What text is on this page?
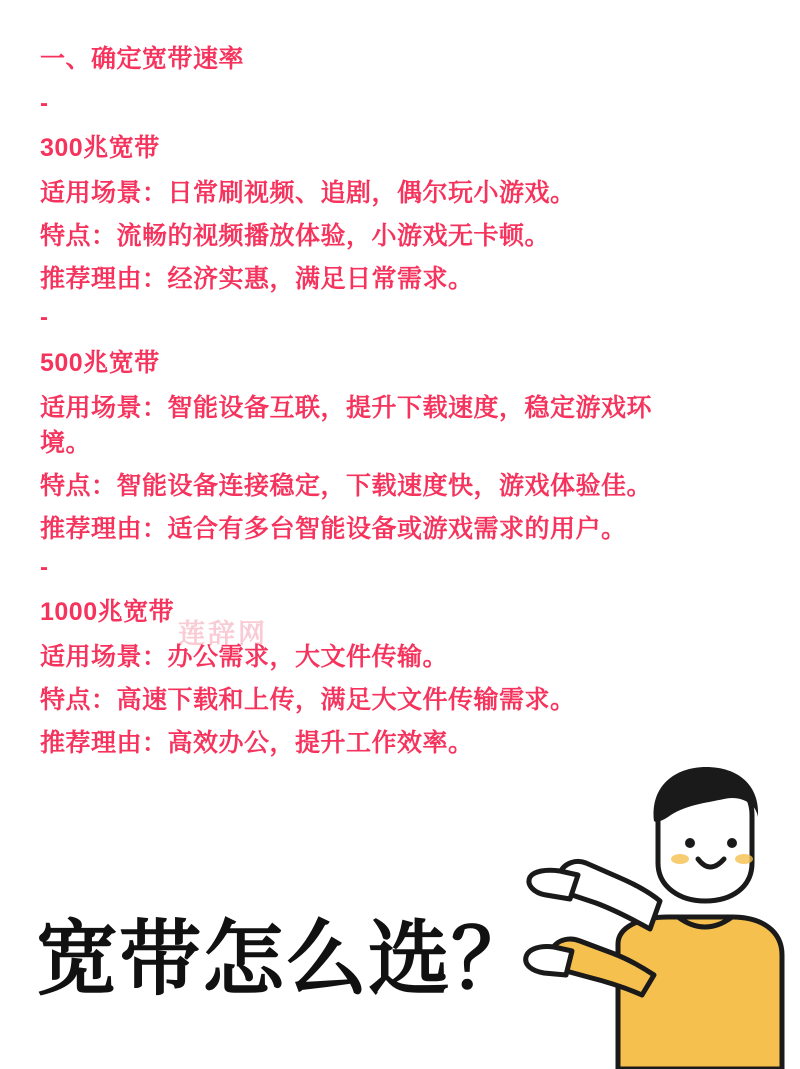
一、确定宽带速率
-
300兆宽带
适用场景：日常刷视频、追剧，偶尔玩小游戏。
特点：流畅的视频播放体验，小游戏无卡顿。
推荐理由：经济实惠，满足日常需求。
-
500兆宽带
适用场景：智能设备互联，提升下载速度，稳定游戏环境。
特点：智能设备连接稳定，下载速度快，游戏体验佳。
推荐理由：适合有多台智能设备或游戏需求的用户。
-
1000兆宽带
适用场景：办公需求，大文件传输。
特点：高速下载和上传，满足大文件传输需求。
推荐理由：高效办公，提升工作效率。
莲辞网
宽带怎么选？
